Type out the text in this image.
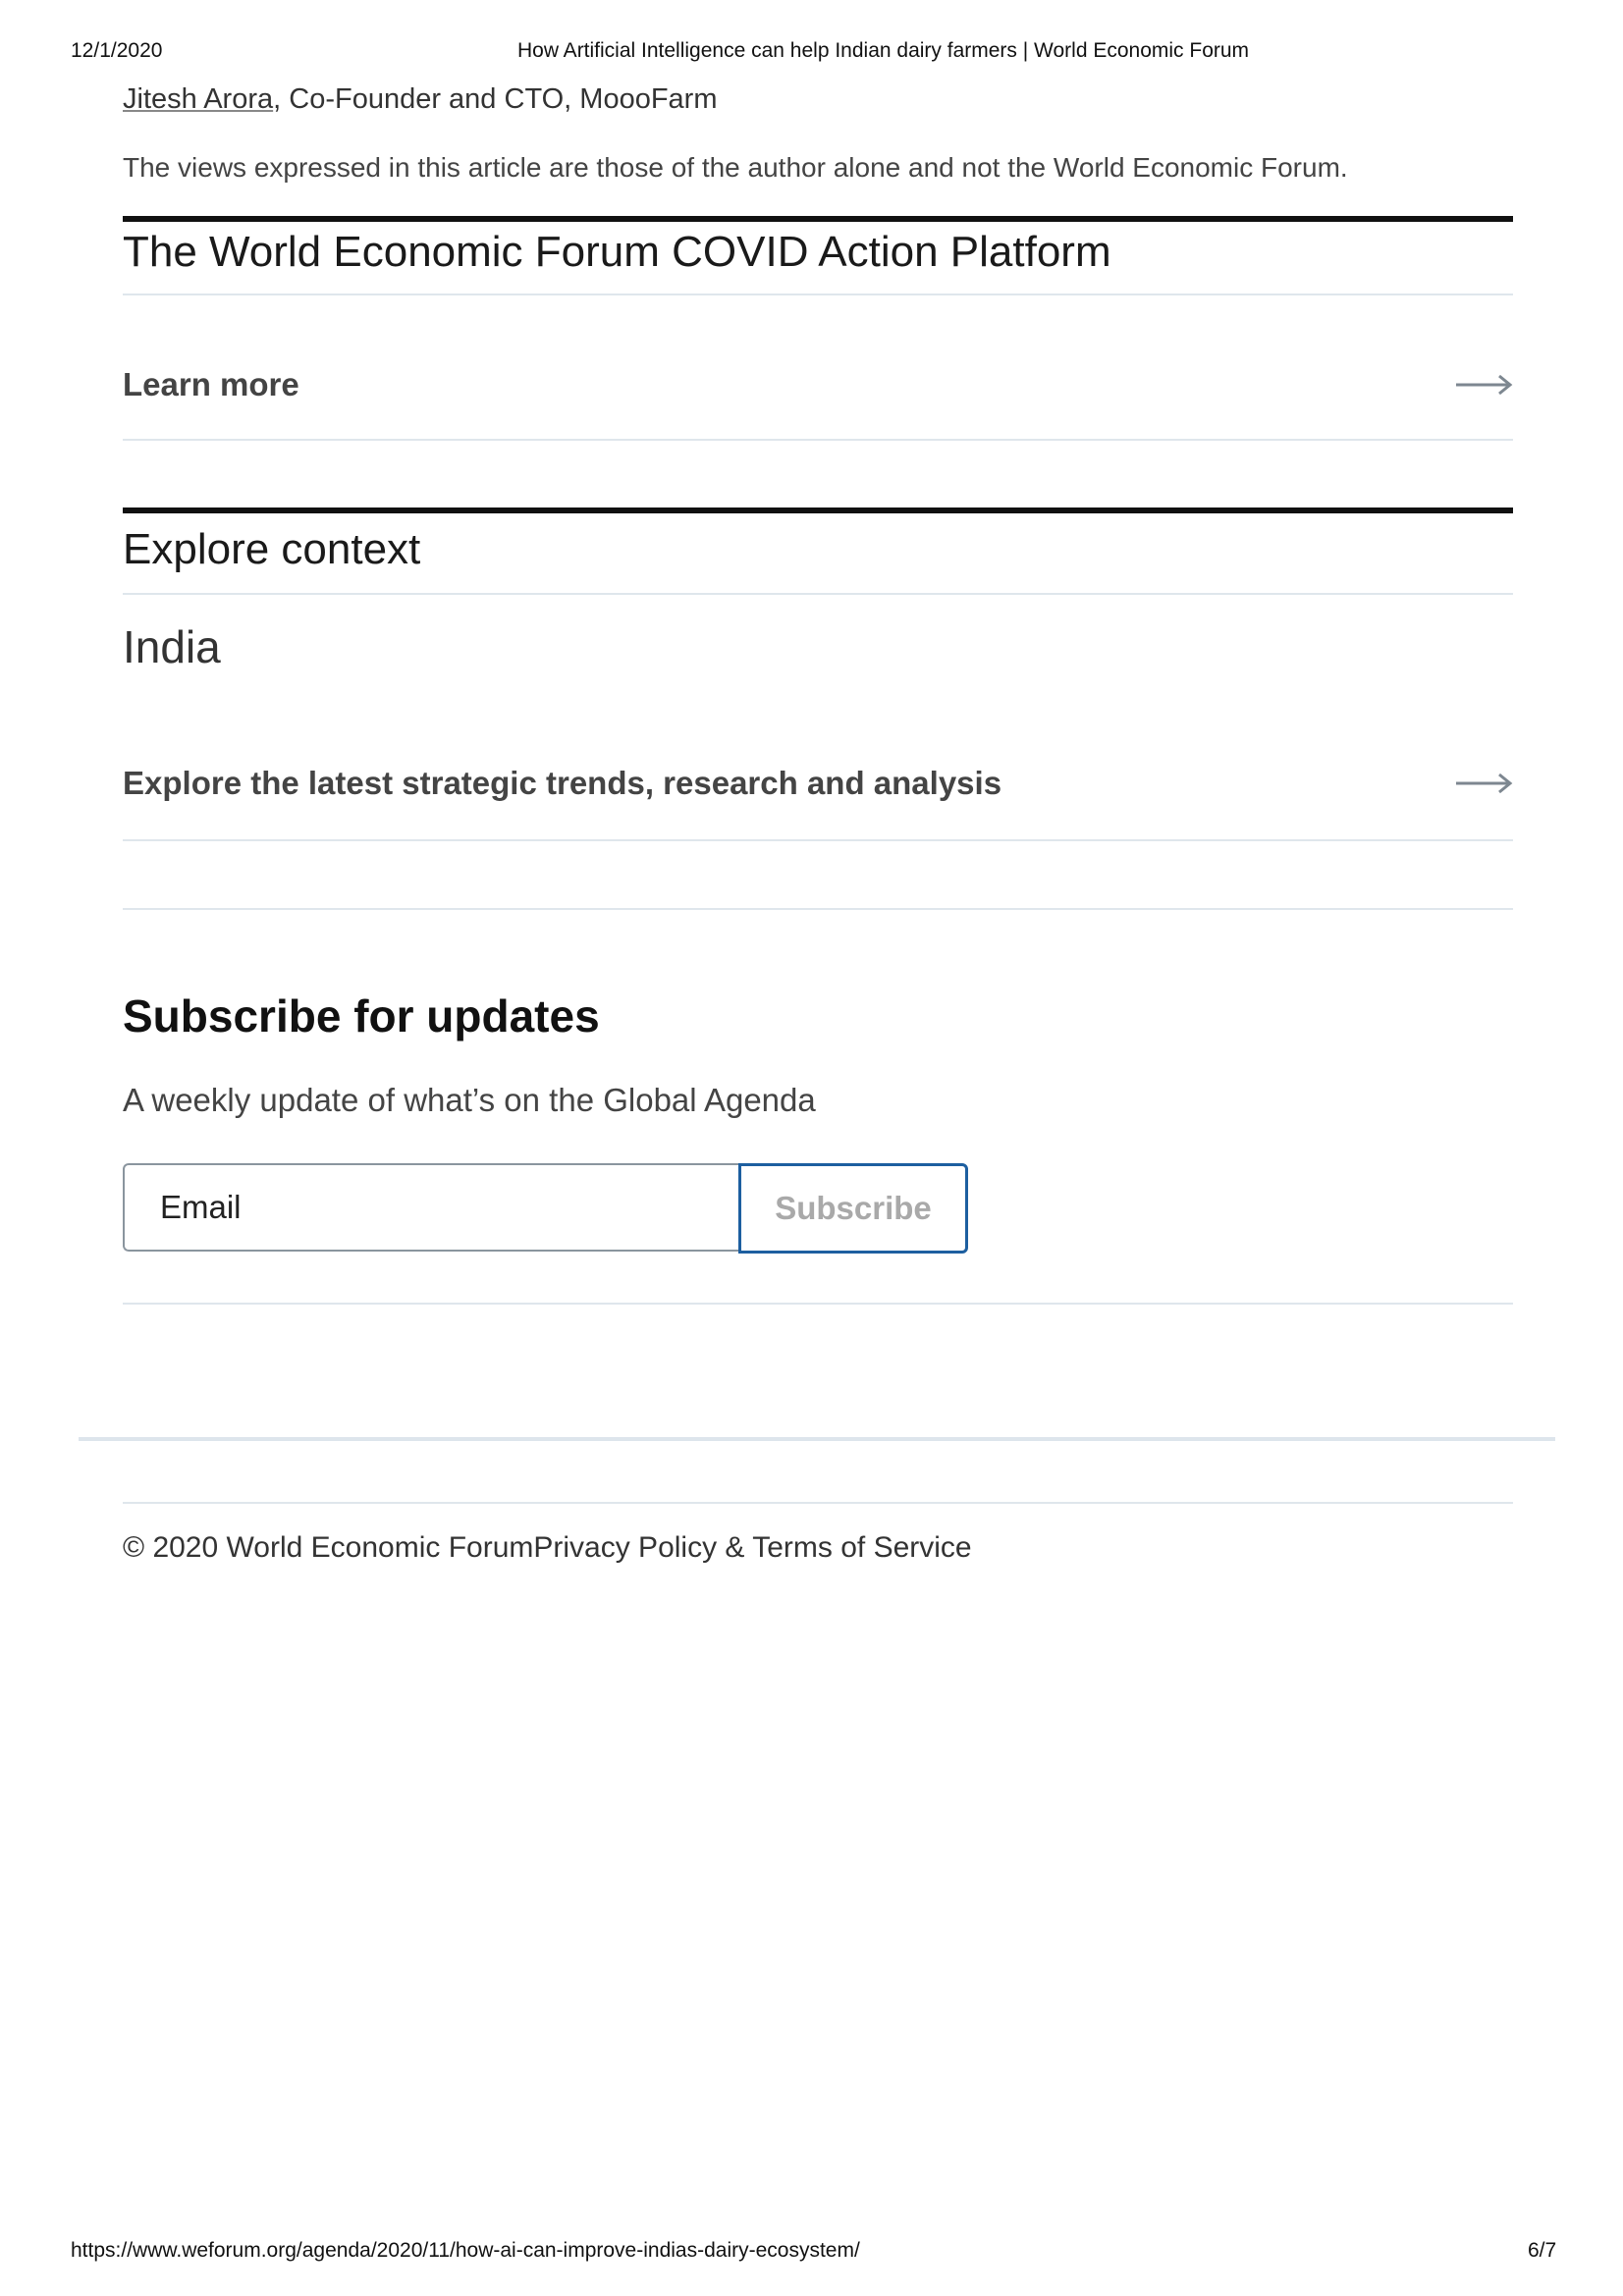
12/1/2020	How Artificial Intelligence can help Indian dairy farmers | World Economic Forum
Jitesh Arora, Co-Founder and CTO, MoooFarm
The views expressed in this article are those of the author alone and not the World Economic Forum.
The World Economic Forum COVID Action Platform
Learn more
Explore context
India
Explore the latest strategic trends, research and analysis
Subscribe for updates
A weekly update of what’s on the Global Agenda
Email
Subscribe
© 2020 World Economic ForumPrivacy Policy & Terms of Service
https://www.weforum.org/agenda/2020/11/how-ai-can-improve-indias-dairy-ecosystem/	6/7
